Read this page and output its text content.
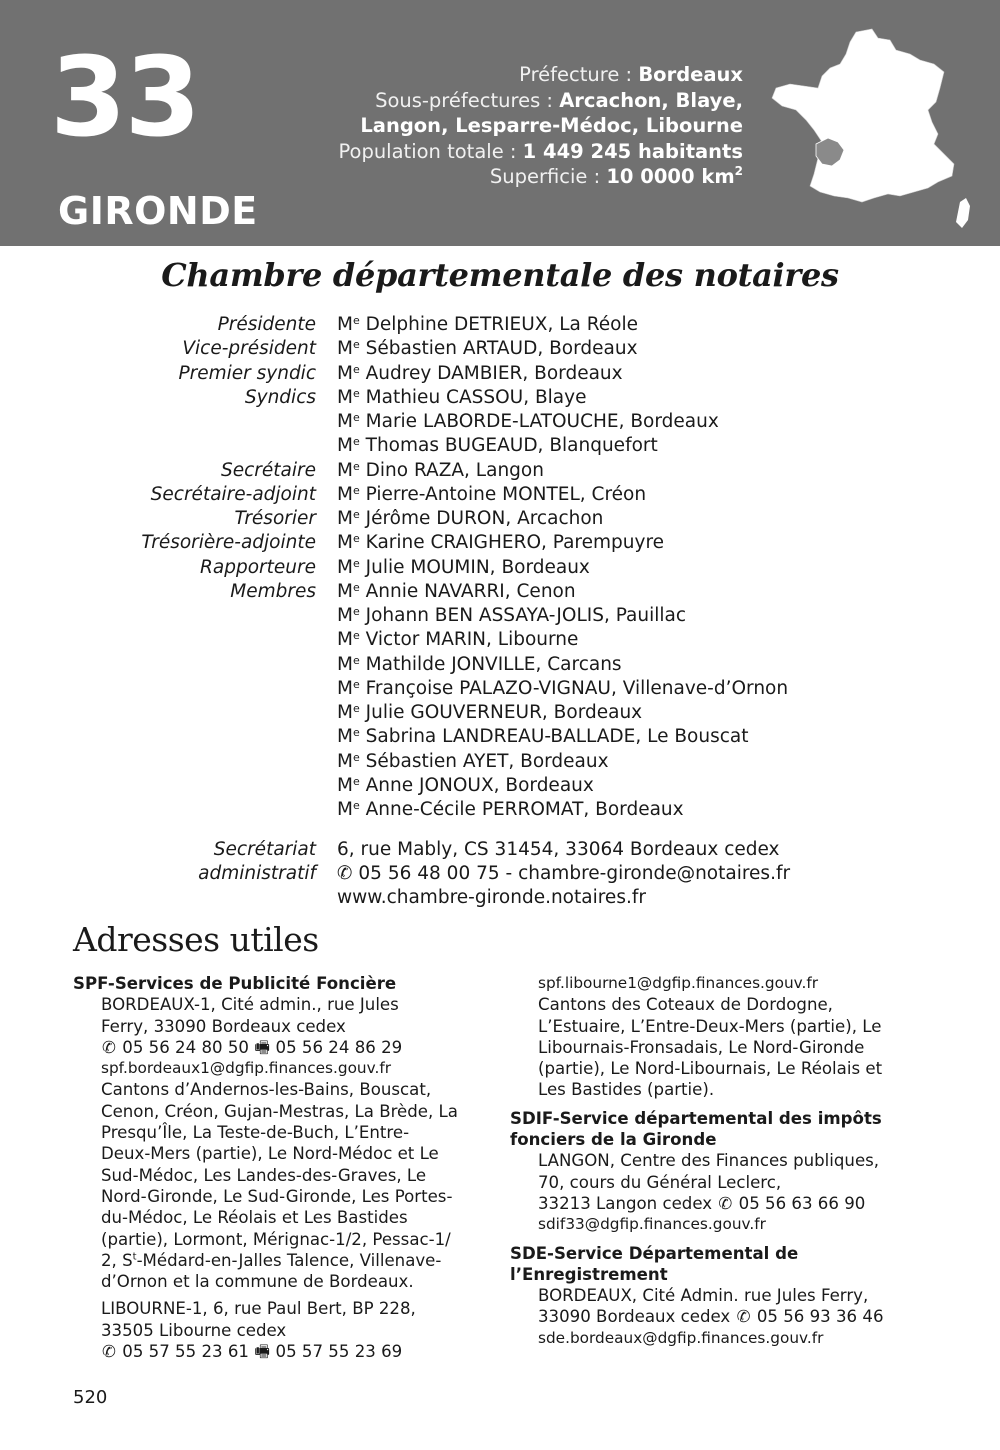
33
GIRONDE
Préfecture : Bordeaux
Sous-préfectures : Arcachon, Blaye,
Langon, Lesparre-Médoc, Libourne
Population totale : 1 449 245 habitants
Superficie : 10 0000 $km^2$
Chambre départementale des notaires
Présidente Me Delphine DETRIEUX, La Réole
Vice-président Me Sébastien ARTAUD, Bordeaux
Premier syndic Me Audrey DAMBIER, Bordeaux
Syndics Me Mathieu CASSOU, Blaye
Me Marie LABORDE-LATOUCHE, Bordeaux
Me Thomas BUGEAUD, Blanquefort
Secrétaire Me Dino RAZA, Langon
Secrétaire-adjoint Me Pierre-Antoine MONTEL, Créon
Trésorier Me Jérôme DURON, Arcachon
Trésorière-adjointe Me Karine CRAIGHERO, Parempuyre
Rapporteure Me Julie MOUMIN, Bordeaux
Membres Me Annie NAVARRI, Cenon
Me Johann BEN ASSAYA-JOLIS, Pauillac
Me Victor MARIN, Libourne
Me Mathilde JONVILLE, Carcans
Me Françoise PALAZO-VIGNAU, Villenave-d’Ornon
Me Julie GOUVERNEUR, Bordeaux
Me Sabrina LANDREAU-BALLADE, Le Bouscat
Me Sébastien AYET, Bordeaux
Me Anne JONOUX, Bordeaux
Me Anne-Cécile PERROMAT, Bordeaux
Secrétariat 6, rue Mably, CS 31454, 33064 Bordeaux cedex
administratif ✆ 05 56 48 00 75 - chambre-gironde@notaires.fr
www.chambre-gironde.notaires.fr
Adresses utiles

SPF-Services de Publicité Foncière

BORDEAUX-1, Cité admin., rue Jules
Ferry, 33090 Bordeaux cedex
✆ 05 56 24 80 50 🖷 05 56 24 86 29
spf.bordeaux1@dgfip.finances.gouv.fr
Cantons d’Andernos-les-Bains, Bouscat,
Cenon, Créon, Gujan-Mestras, La Brède, La
Presqu’Île, La Teste-de-Buch, L’Entre-
Deux-Mers (partie), Le Nord-Médoc et Le
Sud-Médoc, Les Landes-des-Graves, Le
Nord-Gironde, Le Sud-Gironde, Les Portes-
du-Médoc, Le Réolais et Les Bastides
(partie), Lormont, Mérignac-1/2, Pessac-1/
2, $S^t-Médard-en$-Jalles Talence, Villenave-
d’Ornon et la commune de Bordeaux.
LIBOURNE-1, 6, rue Paul Bert, BP 228,
33505 Libourne cedex
✆ 05 57 55 23 61 🖷 05 57 55 23 69
spf.libourne1@dgfip.finances.gouv.fr
Cantons des Coteaux de Dordogne,
L’Estuaire, L’Entre-Deux-Mers (partie), Le
Libournais-Fronsadais, Le Nord-Gironde
(partie), Le Nord-Libournais, Le Réolais et
Les Bastides (partie).

SDIF-Service départemental des impôts
fonciers de la Gironde

LANGON, Centre des Finances publiques,
70, cours du Général Leclerc,
33213 Langon cedex ✆ 05 56 63 66 90
sdif33@dgfip.finances.gouv.fr

SDE-Service Départemental de
l’Enregistrement

BORDEAUX, Cité Admin. rue Jules Ferry,
33090 Bordeaux cedex ✆ 05 56 93 36 46
sde.bordeaux@dgfip.finances.gouv.fr
520
